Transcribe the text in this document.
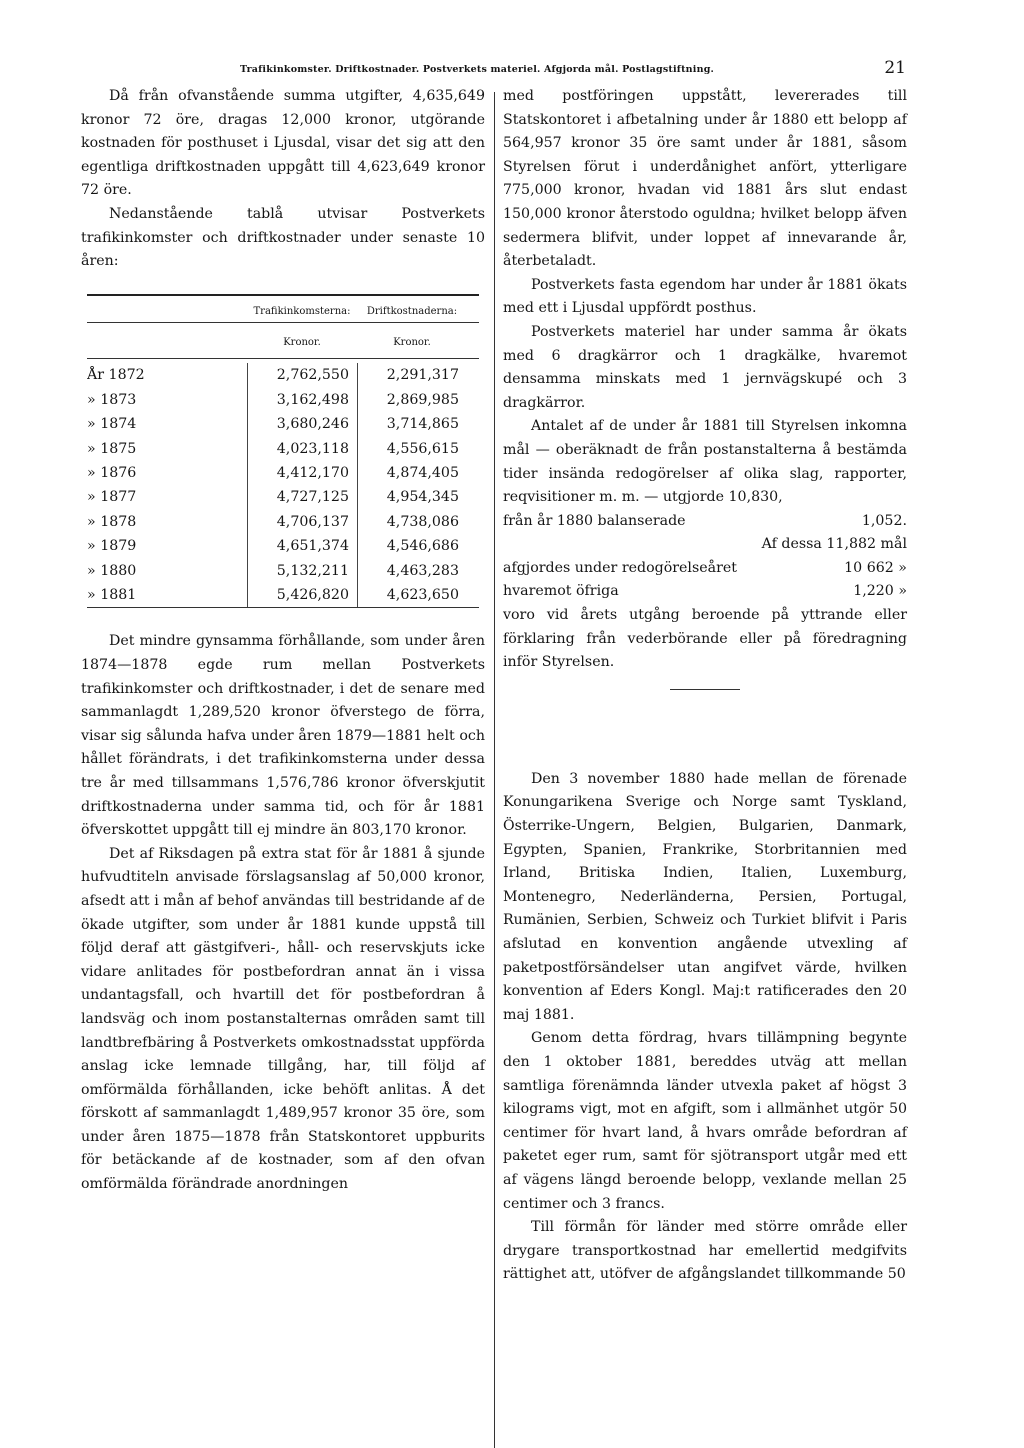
Trafikinkomster. Driftkostnader. Postverkets materiel. Afgjorda mål. Postlagstiftning.	21

Då från ofvanstående summa utgifter, 4,635,649 kronor 72 öre, dragas 12,000 kronor, utgörande kostnaden för posthuset i Ljusdal, visar det sig att den egentliga driftkostnaden uppgått till 4,623,649 kronor 72 öre.

Nedanstående tablå utvisar Postverkets trafikinkomster och driftkostnader under senaste 10 åren:

Trafikinkomsterna:	Driftkostnaderna:
Kronor.	Kronor.
År 1872	2,762,550	2,291,317
» 1873	3,162,498	2,869,985
» 1874	3,680,246	3,714,865
» 1875	4,023,118	4,556,615
» 1876	4,412,170	4,874,405
» 1877	4,727,125	4,954,345
» 1878	4,706,137	4,738,086
» 1879	4,651,374	4,546,686
» 1880	5,132,211	4,463,283
» 1881	5,426,820	4,623,650

Det mindre gynsamma förhållande, som under åren 1874—1878 egde rum mellan Postverkets trafikinkomster och driftkostnader, i det de senare med sammanlagdt 1,289,520 kronor öfverstego de förra, visar sig sålunda hafva under åren 1879—1881 helt och hållet förändrats, i det trafikinkomsterna under dessa tre år med tillsammans 1,576,786 kronor öfverskjutit driftkostnaderna under samma tid, och för år 1881 öfverskottet uppgått till ej mindre än 803,170 kronor.

Det af Riksdagen på extra stat för år 1881 å sjunde hufvudtiteln anvisade förslagsanslag af 50,000 kronor, afsedt att i mån af behof användas till bestridande af de ökade utgifter, som under år 1881 kunde uppstå till följd deraf att gästgifveri-, håll- och reservskjuts icke vidare anlitades för postbefordran annat än i vissa undantagsfall, och hvartill det för postbefordran å landsväg och inom postanstalternas områden samt till landtbrefbäring å Postverkets omkostnadsstat uppförda anslag icke lemnade tillgång, har, till följd af omförmälda förhållanden, icke behöft anlitas. Å det förskott af sammanlagdt 1,489,957 kronor 35 öre, som under åren 1875—1878 från Statskontoret uppburits för betäckande af de kostnader, som af den ofvan omförmälda förändrade anordningen

med postföringen uppstått, levererades till Statskontoret i afbetalning under år 1880 ett belopp af 564,957 kronor 35 öre samt under år 1881, såsom Styrelsen förut i underdånighet anfört, ytterligare 775,000 kronor, hvadan vid 1881 års slut endast 150,000 kronor återstodo oguldna; hvilket belopp äfven sedermera blifvit, under loppet af innevarande år, återbetaladt.

Postverkets fasta egendom har under år 1881 ökats med ett i Ljusdal uppfördt posthus.

Postverkets materiel har under samma år ökats med 6 dragkärror och 1 dragkälke, hvaremot densamma minskats med 1 jernvägskupé och 3 dragkärror.

Antalet af de under år 1881 till Styrelsen inkomna mål — oberäknadt de från postanstalterna å bestämda tider insända redogörelser af olika slag, rapporter, reqvisitioner m. m. — utgjorde 10,830,

från år 1880 balanserade	1,052.
Af dessa 11,882 mål
afgjordes under redogörelseåret	10 662 »
hvaremot öfriga	1,220 »

voro vid årets utgång beroende på yttrande eller förklaring från vederbörande eller på föredragning inför Styrelsen.

Den 3 november 1880 hade mellan de förenade Konungarikena Sverige och Norge samt Tyskland, Österrike-Ungern, Belgien, Bulgarien, Danmark, Egypten, Spanien, Frankrike, Storbritannien med Irland, Britiska Indien, Italien, Luxemburg, Montenegro, Nederländerna, Persien, Portugal, Rumänien, Serbien, Schweiz och Turkiet blifvit i Paris afslutad en konvention angående utvexling af paketpostförsändelser utan angifvet värde, hvilken konvention af Eders Kongl. Maj:t ratificerades den 20 maj 1881.

Genom detta fördrag, hvars tillämpning begynte den 1 oktober 1881, bereddes utväg att mellan samtliga förenämnda länder utvexla paket af högst 3 kilograms vigt, mot en afgift, som i allmänhet utgör 50 centimer för hvart land, å hvars område befordran af paketet eger rum, samt för sjötransport utgår med ett af vägens längd beroende belopp, vexlande mellan 25 centimer och 3 francs.

Till förmån för länder med större område eller drygare transportkostnad har emellertid medgifvits rättighet att, utöfver de afgångslandet tillkommande 50
